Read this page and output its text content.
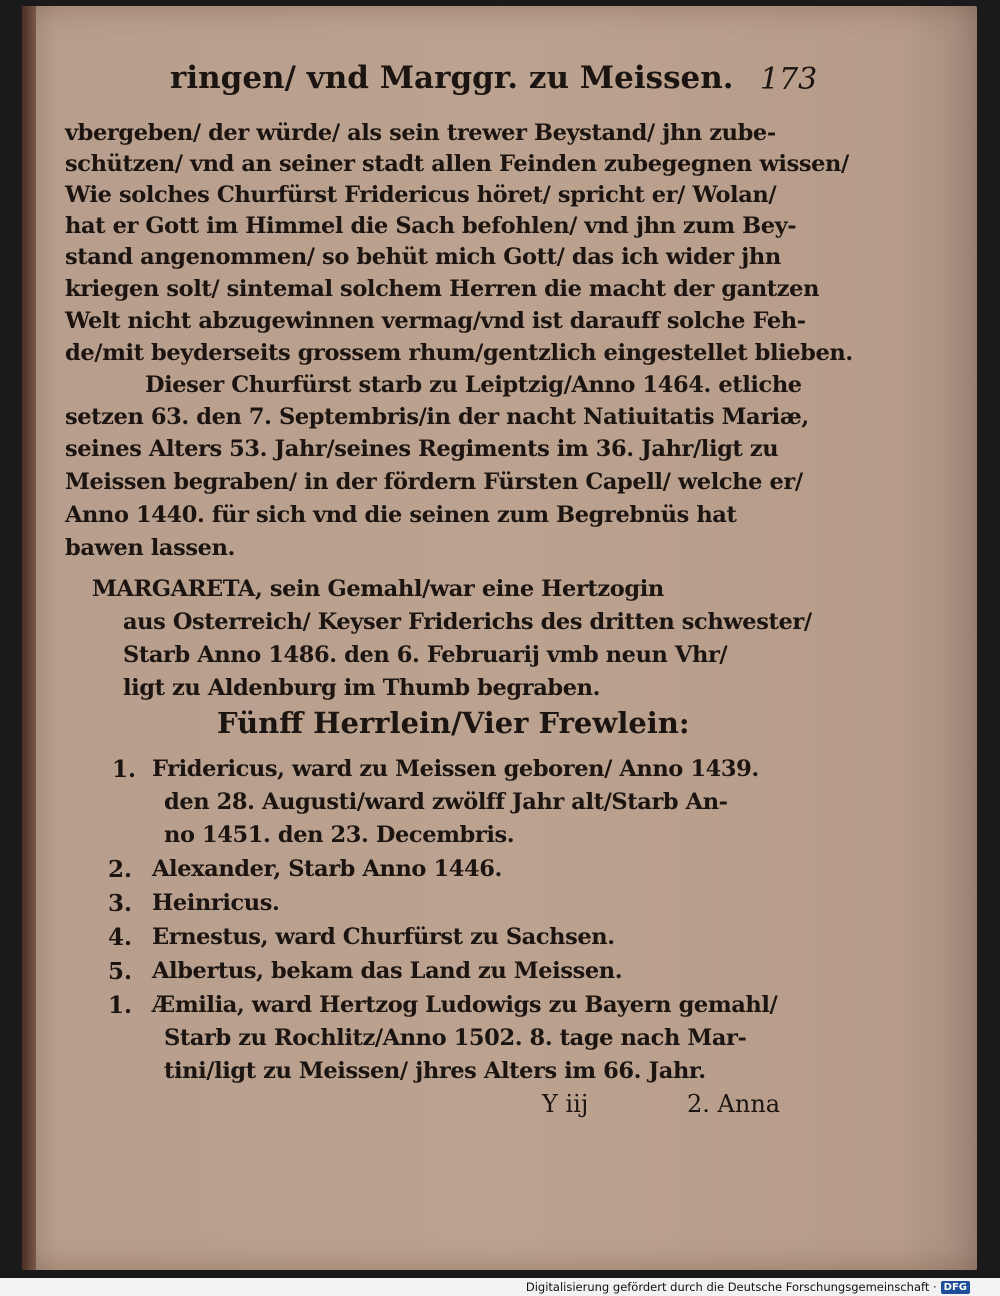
ringen/ vnd Marggr. zu Meissen. 173
vbergeben/ der würde/ als sein trewer Beystand/ jhn zube-
schützen/ vnd an seiner stadt allen Feinden zubegegnen wissen/
Wie solches Churfürst Fridericus höret/ spricht er/ Wolan/
hat er Gott im Himmel die Sach befohlen/ vnd jhn zum Bey-
stand angenommen/ so behüt mich Gott/ das ich wider jhn
kriegen solt/ sintemal solchem Herren die macht der gantzen
Welt nicht abzugewinnen vermag/vnd ist darauff solche Feh-
de/mit beyderseits grossem rhum/gentzlich eingestellet blieben.
Dieser Churfürst starb zu Leiptzig/Anno 1464. etliche
setzen 63. den 7. Septembris/in der nacht Natiuitatis Mariæ,
seines Alters 53. Jahr/seines Regiments im 36. Jahr/ligt zu
Meissen begraben/ in der fördern Fürsten Capell/ welche er/
Anno 1440. für sich vnd die seinen zum Begrebnüs hat
bawen lassen.
MARGARETA, sein Gemahl/war eine Hertzogin
aus Osterreich/ Keyser Friderichs des dritten schwester/
Starb Anno 1486. den 6. Februarij vmb neun Vhr/
ligt zu Aldenburg im Thumb begraben.
Fünff Herrlein/Vier Frewlein:
1. Fridericus, ward zu Meissen geboren/ Anno 1439.
den 28. Augusti/ward zwölff Jahr alt/Starb An-
no 1451. den 23. Decembris.
2. Alexander, Starb Anno 1446.
3. Heinricus.
4. Ernestus, ward Churfürst zu Sachsen.
5. Albertus, bekam das Land zu Meissen.
1. Æmilia, ward Hertzog Ludowigs zu Bayern gemahl/
Starb zu Rochlitz/Anno 1502. 8. tage nach Mar-
tini/ligt zu Meissen/ jhres Alters im 66. Jahr.
Y iij	2. Anna
Digitalisierung gefördert durch die Deutsche Forschungsgemeinschaft · DFG
